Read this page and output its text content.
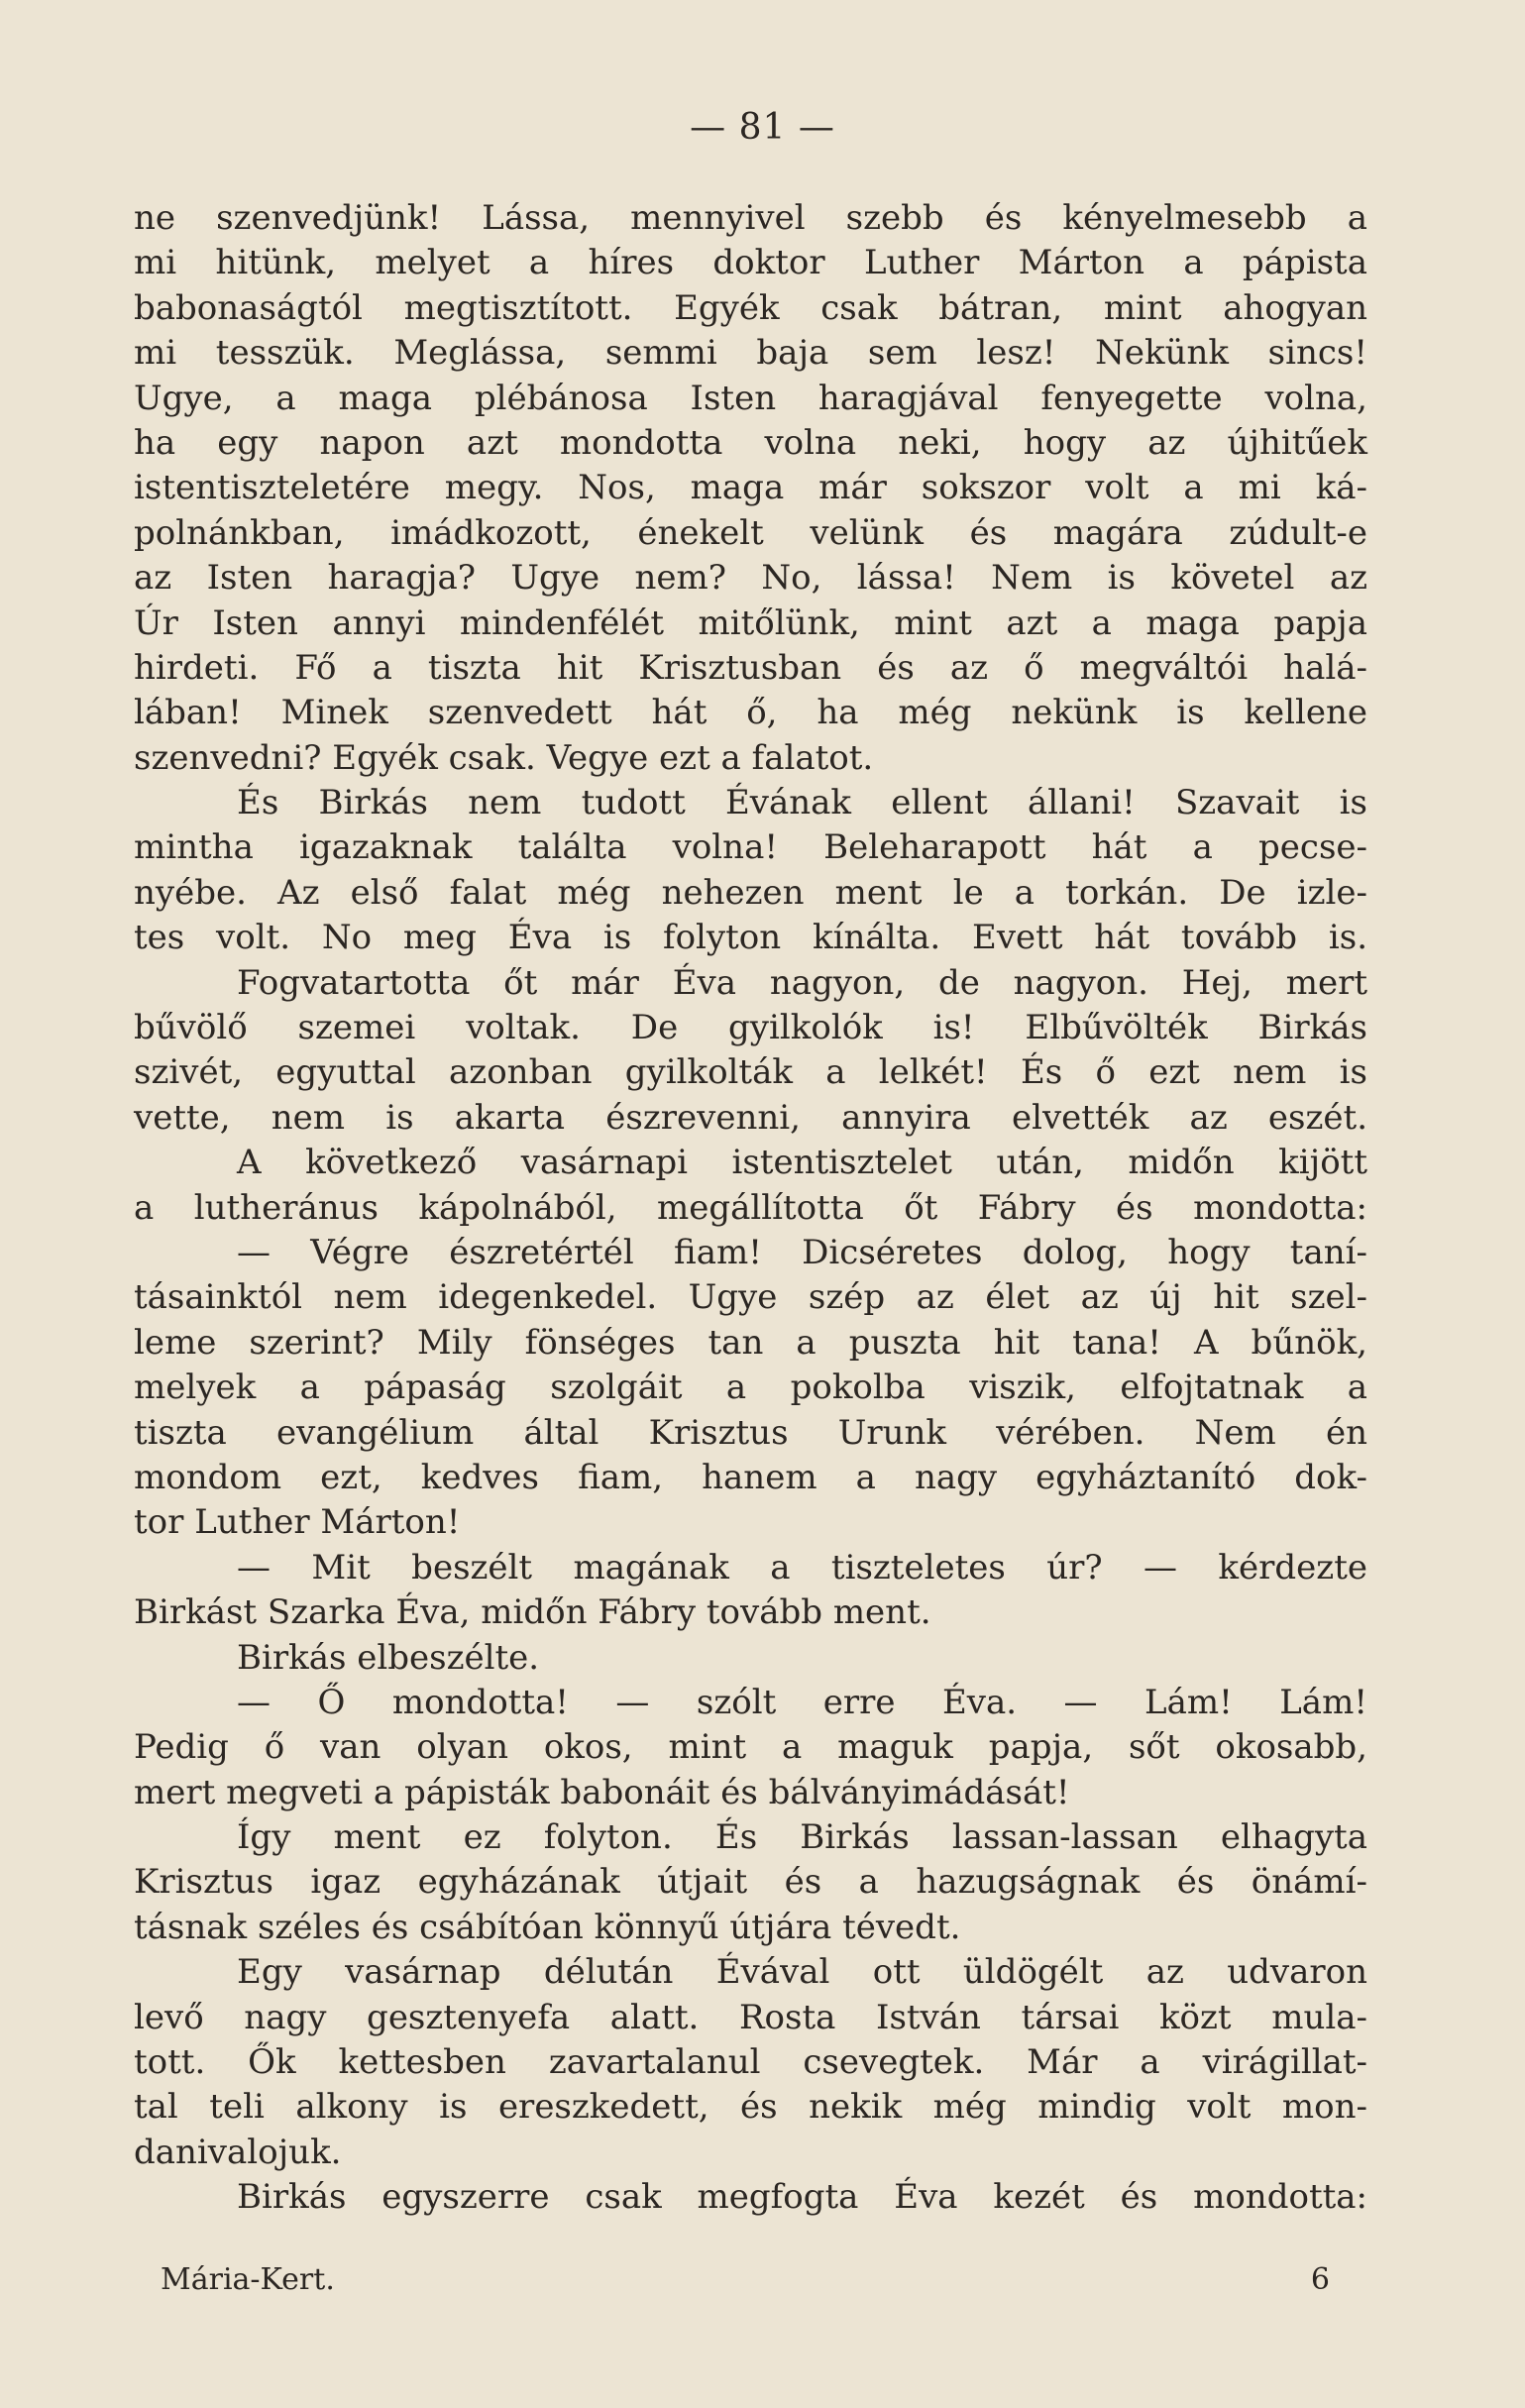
— 81 —
ne szenvedjünk! Lássa, mennyivel szebb és kényelmesebb a
mi hitünk, melyet a híres doktor Luther Márton a pápista
babonaságtól megtisztított. Egyék csak bátran, mint ahogyan
mi tesszük. Meglássa, semmi baja sem lesz! Nekünk sincs!
Ugye, a maga plébánosa Isten haragjával fenyegette volna,
ha egy napon azt mondotta volna neki, hogy az újhitűek
istentiszteletére megy. Nos, maga már sokszor volt a mi ká-
polnánkban, imádkozott, énekelt velünk és magára zúdult-e
az Isten haragja? Ugye nem? No, lássa! Nem is követel az
Úr Isten annyi mindenfélét mitőlünk, mint azt a maga papja
hirdeti. Fő a tiszta hit Krisztusban és az ő megváltói halá-
lában! Minek szenvedett hát ő, ha még nekünk is kellene
szenvedni? Egyék csak. Vegye ezt a falatot.
És Birkás nem tudott Évának ellent állani! Szavait is
mintha igazaknak találta volna! Beleharapott hát a pecse-
nyébe. Az első falat még nehezen ment le a torkán. De izle-
tes volt. No meg Éva is folyton kínálta. Evett hát tovább is.
Fogvatartotta őt már Éva nagyon, de nagyon. Hej, mert
bűvölő szemei voltak. De gyilkolók is! Elbűvölték Birkás
szivét, egyuttal azonban gyilkolták a lelkét! És ő ezt nem is
vette, nem is akarta észrevenni, annyira elvették az eszét.
A következő vasárnapi istentisztelet után, midőn kijött
a lutheránus kápolnából, megállította őt Fábry és mondotta:
— Végre észretértél fiam! Dicséretes dolog, hogy taní-
tásainktól nem idegenkedel. Ugye szép az élet az új hit szel-
leme szerint? Mily fönséges tan a puszta hit tana! A bűnök,
melyek a pápaság szolgáit a pokolba viszik, elfojtatnak a
tiszta evangélium által Krisztus Urunk vérében. Nem én
mondom ezt, kedves fiam, hanem a nagy egyháztanító dok-
tor Luther Márton!
— Mit beszélt magának a tiszteletes úr? — kérdezte
Birkást Szarka Éva, midőn Fábry tovább ment.
Birkás elbeszélte.
— Ő mondotta! — szólt erre Éva. — Lám! Lám!
Pedig ő van olyan okos, mint a maguk papja, sőt okosabb,
mert megveti a pápisták babonáit és bálványimádását!
Így ment ez folyton. És Birkás lassan-lassan elhagyta
Krisztus igaz egyházának útjait és a hazugságnak és önámí-
tásnak széles és csábítóan könnyű útjára tévedt.
Egy vasárnap délután Évával ott üldögélt az udvaron
levő nagy gesztenyefa alatt. Rosta István társai közt mula-
tott. Ők kettesben zavartalanul csevegtek. Már a virágillat-
tal teli alkony is ereszkedett, és nekik még mindig volt mon-
danivalojuk.
Birkás egyszerre csak megfogta Éva kezét és mondotta:
Mária-Kert.	6
